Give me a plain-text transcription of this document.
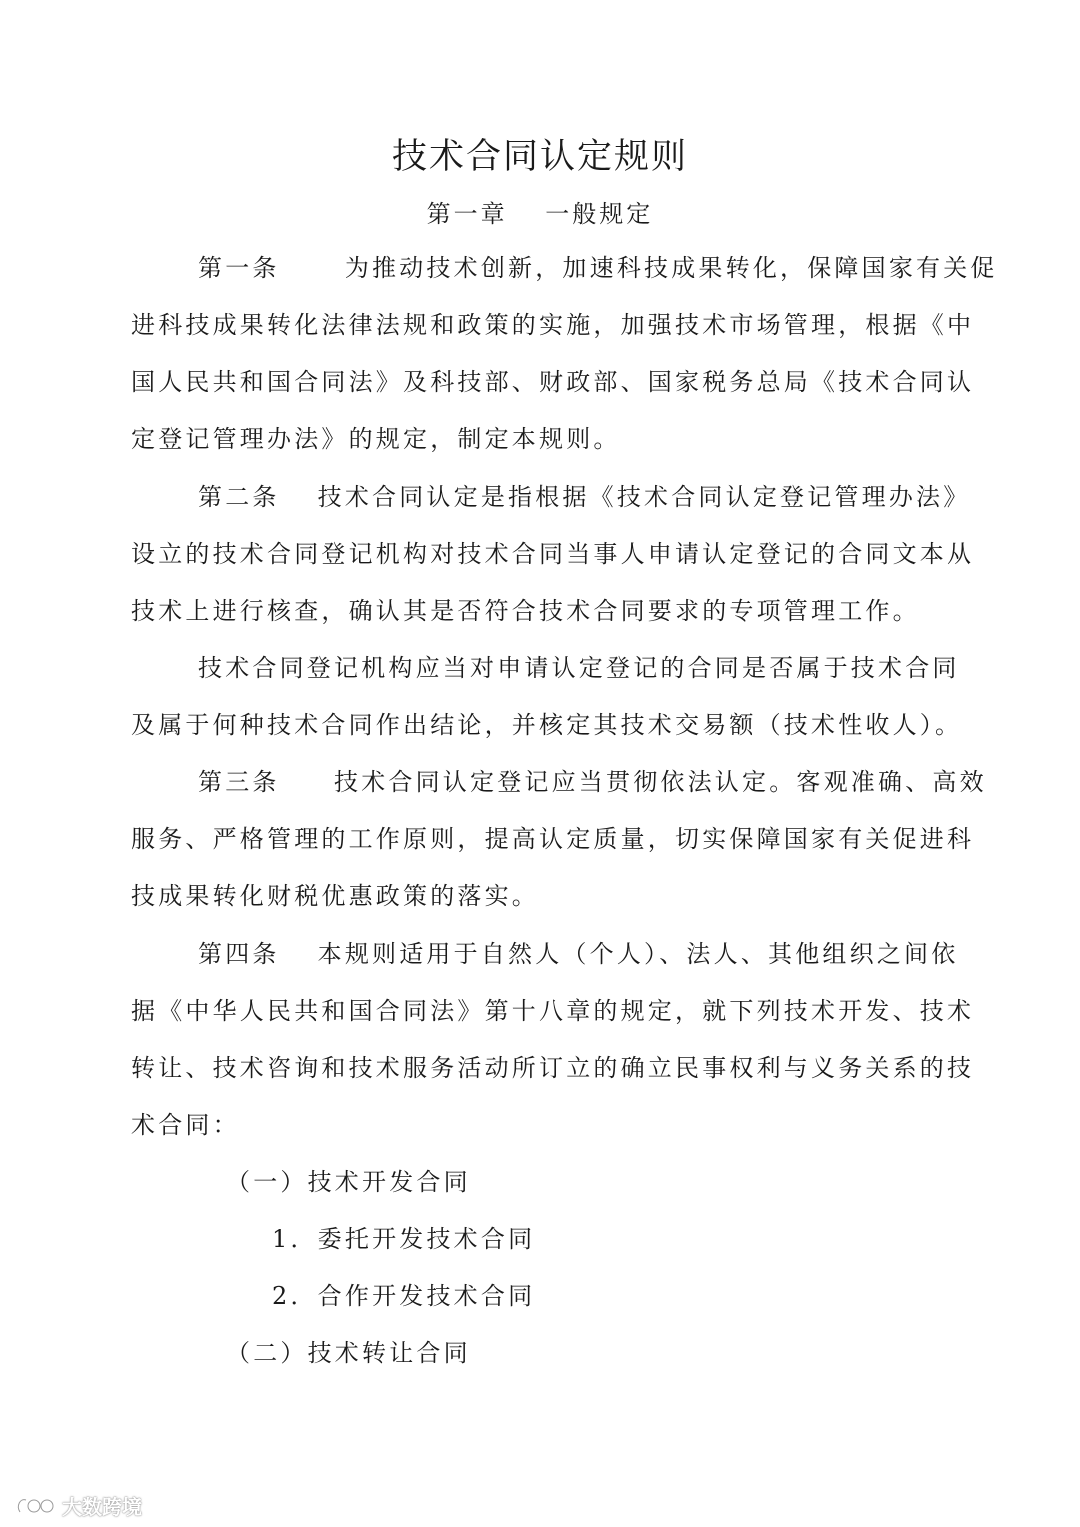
技术合同认定规则
第一章　 一般规定
第一条　　 为推动技术创新，加速科技成果转化，保障国家有关促
进科技成果转化法律法规和政策的实施，加强技术市场管理，根据《中
国人民共和国合同法》及科技部、财政部、国家税务总局《技术合同认
定登记管理办法》的规定，制定本规则。
第二条　 技术合同认定是指根据《技术合同认定登记管理办法》
设立的技术合同登记机构对技术合同当事人申请认定登记的合同文本从
技术上进行核查，确认其是否符合技术合同要求的专项管理工作。
技术合同登记机构应当对申请认定登记的合同是否属于技术合同
及属于何种技术合同作出结论，并核定其技术交易额（技术性收人）。
第三条　　技术合同认定登记应当贯彻依法认定。客观准确、高效
服务、严格管理的工作原则，提高认定质量，切实保障国家有关促进科
技成果转化财税优惠政策的落实。
第四条　 本规则适用于自然人（个人）、法人、其他组织之间依
据《中华人民共和国合同法》第十八章的规定，就下列技术开发、技术
转让、技术咨询和技术服务活动所订立的确立民事权利与义务关系的技
术合同：
（一）技术开发合同
1．委托开发技术合同
2．合作开发技术合同
（二）技术转让合同
大数跨境
